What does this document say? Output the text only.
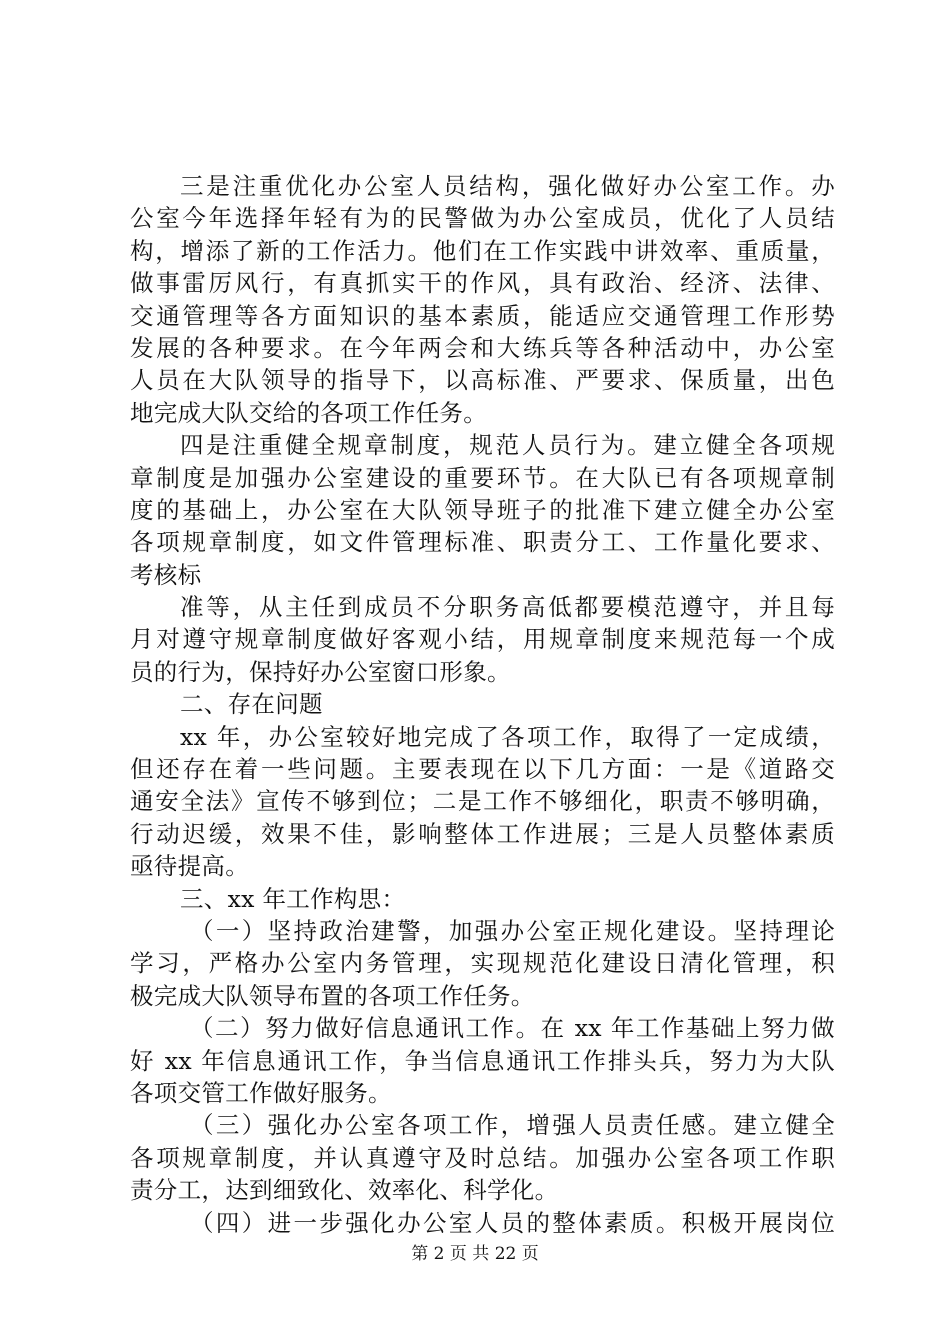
三是注重优化办公室人员结构，强化做好办公室工作。办
公室今年选择年轻有为的民警做为办公室成员，优化了人员结
构，增添了新的工作活力。他们在工作实践中讲效率、重质量，
做事雷厉风行，有真抓实干的作风，具有政治、经济、法律、
交通管理等各方面知识的基本素质，能适应交通管理工作形势
发展的各种要求。在今年两会和大练兵等各种活动中，办公室
人员在大队领导的指导下，以高标准、严要求、保质量，出色
地完成大队交给的各项工作任务。
四是注重健全规章制度，规范人员行为。建立健全各项规
章制度是加强办公室建设的重要环节。在大队已有各项规章制
度的基础上，办公室在大队领导班子的批准下建立健全办公室
各项规章制度，如文件管理标准、职责分工、工作量化要求、
考核标
准等，从主任到成员不分职务高低都要模范遵守，并且每
月对遵守规章制度做好客观小结，用规章制度来规范每一个成
员的行为，保持好办公室窗口形象。
二、存在问题
xx 年，办公室较好地完成了各项工作，取得了一定成绩，
但还存在着一些问题。主要表现在以下几方面：一是《道路交
通安全法》宣传不够到位；二是工作不够细化，职责不够明确，
行动迟缓，效果不佳，影响整体工作进展；三是人员整体素质
亟待提高。
三、xx 年工作构思：
（一）坚持政治建警，加强办公室正规化建设。坚持理论
学习，严格办公室内务管理，实现规范化建设日清化管理，积
极完成大队领导布置的各项工作任务。
（二）努力做好信息通讯工作。在 xx 年工作基础上努力做
好 xx 年信息通讯工作，争当信息通讯工作排头兵，努力为大队
各项交管工作做好服务。
（三）强化办公室各项工作，增强人员责任感。建立健全
各项规章制度，并认真遵守及时总结。加强办公室各项工作职
责分工，达到细致化、效率化、科学化。
（四）进一步强化办公室人员的整体素质。积极开展岗位
第 2 页 共 22 页
